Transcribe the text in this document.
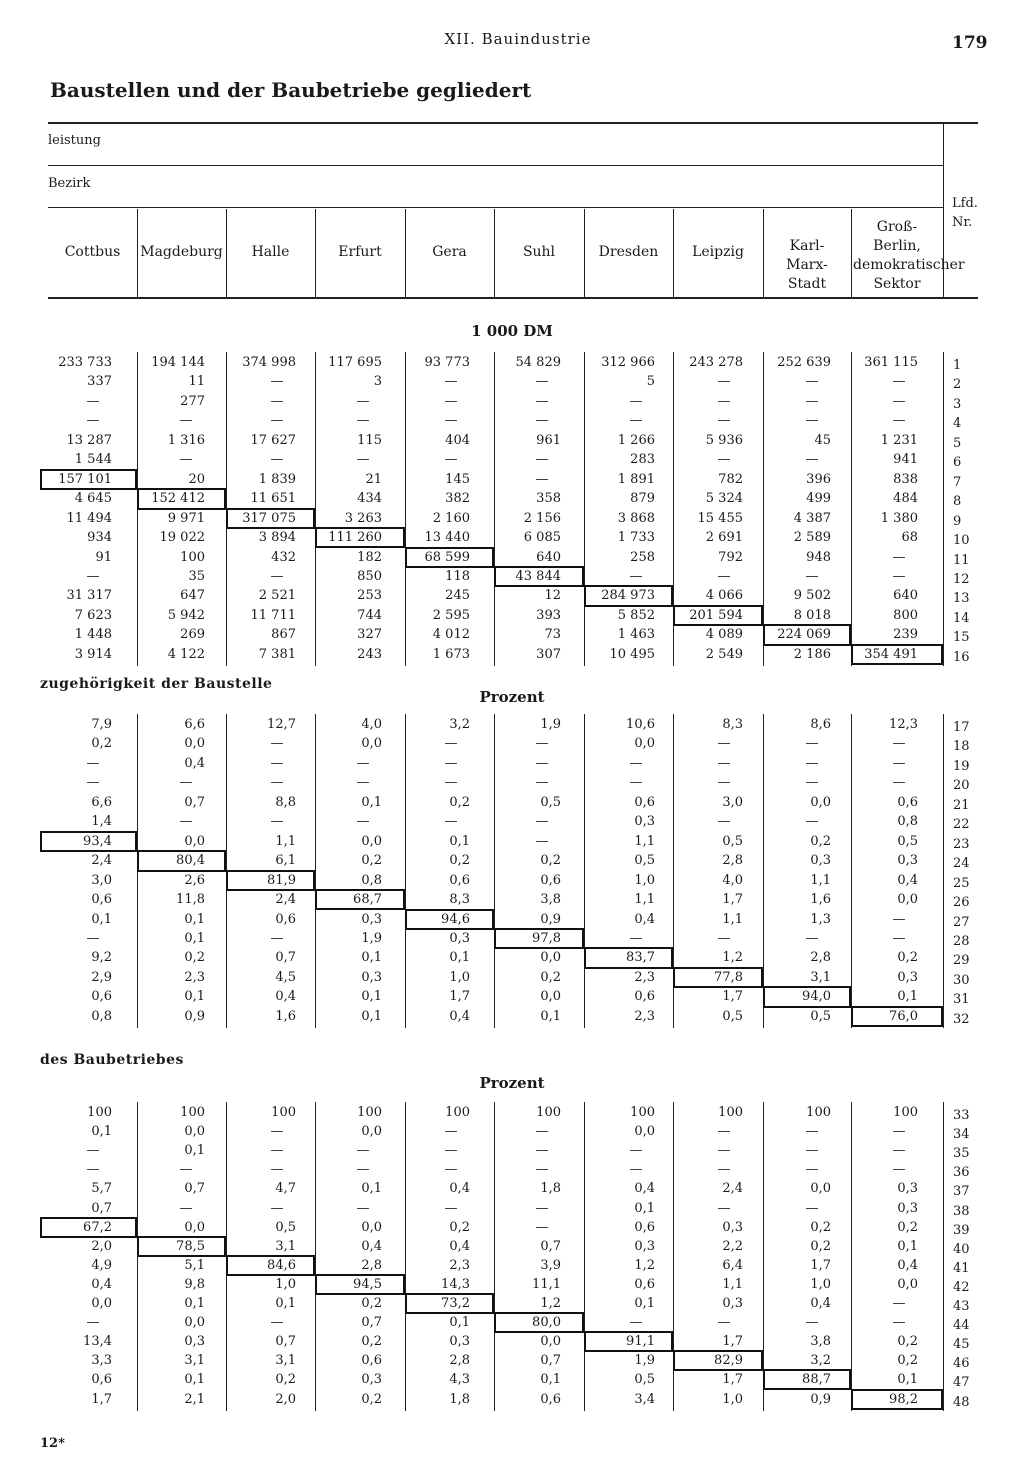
XII. Bauindustrie	179
Baustellen und der Baubetriebe gegliedert
leistung
Bezirk
Lfd. Nr.
Cottbus	Magdeburg	Halle	Erfurt	Gera	Suhl	Dresden	Leipzig	Karl-Marx-Stadt
Groß-Berlin, demokratischer Sektor
1 000 DM
233 733	194 144	374 998	117 695	93 773	54 829	312 966	243 278	252 639	361 115	1
337	11	—	3	—	—	5	—	—	—	2
—	277	—	—	—	—	—	—	—	—	3
—	—	—	—	—	—	—	—	—	—	4
13 287	1 316	17 627	115	404	961	1 266	5 936	45	1 231	5
1 544	—	—	—	—	—	283	—	—	941	6
157 101	20	1 839	21	145	—	1 891	782	396	838	7
4 645	152 412	11 651	434	382	358	879	5 324	499	484	8
11 494	9 971	317 075	3 263	2 160	2 156	3 868	15 455	4 387	1 380	9
934	19 022	3 894	111 260	13 440	6 085	1 733	2 691	2 589	68	10
91	100	432	182	68 599	640	258	792	948	—	11
—	35	—	850	118	43 844	—	—	—	—	12
31 317	647	2 521	253	245	12	284 973	4 066	9 502	640	13
7 623	5 942	11 711	744	2 595	393	5 852	201 594	8 018	800	14
1 448	269	867	327	4 012	73	1 463	4 089	224 069	239	15
3 914	4 122	7 381	243	1 673	307	10 495	2 549	2 186	354 491	16
Prozent
zugehörigkeit der Baustelle
7,9	6,6	12,7	4,0	3,2	1,9	10,6	8,3	8,6	12,3	17
0,2	0,0	—	0,0	—	—	0,0	—	—	—	18
—	0,4	—	—	—	—	—	—	—	—	19
—	—	—	—	—	—	—	—	—	—	20
6,6	0,7	8,8	0,1	0,2	0,5	0,6	3,0	0,0	0,6	21
1,4	—	—	—	—	—	0,3	—	—	0,8	22
93,4	0,0	1,1	0,0	0,1	—	1,1	0,5	0,2	0,5	23
2,4	80,4	6,1	0,2	0,2	0,2	0,5	2,8	0,3	0,3	24
3,0	2,6	81,9	0,8	0,6	0,6	1,0	4,0	1,1	0,4	25
0,6	11,8	2,4	68,7	8,3	3,8	1,1	1,7	1,6	0,0	26
0,1	0,1	0,6	0,3	94,6	0,9	0,4	1,1	1,3	—	27
—	0,1	—	1,9	0,3	97,8	—	—	—	—	28
9,2	0,2	0,7	0,1	0,1	0,0	83,7	1,2	2,8	0,2	29
2,9	2,3	4,5	0,3	1,0	0,2	2,3	77,8	3,1	0,3	30
0,6	0,1	0,4	0,1	1,7	0,0	0,6	1,7	94,0	0,1	31
0,8	0,9	1,6	0,1	0,4	0,1	2,3	0,5	0,5	76,0	32
Prozent
des Baubetriebes
100	100	100	100	100	100	100	100	100	100	33
0,1	0,0	—	0,0	—	—	0,0	—	—	—	34
—	0,1	—	—	—	—	—	—	—	—	35
—	—	—	—	—	—	—	—	—	—	36
5,7	0,7	4,7	0,1	0,4	1,8	0,4	2,4	0,0	0,3	37
0,7	—	—	—	—	—	0,1	—	—	0,3	38
67,2	0,0	0,5	0,0	0,2	—	0,6	0,3	0,2	0,2	39
2,0	78,5	3,1	0,4	0,4	0,7	0,3	2,2	0,2	0,1	40
4,9	5,1	84,6	2,8	2,3	3,9	1,2	6,4	1,7	0,4	41
0,4	9,8	1,0	94,5	14,3	11,1	0,6	1,1	1,0	0,0	42
0,0	0,1	0,1	0,2	73,2	1,2	0,1	0,3	0,4	—	43
—	0,0	—	0,7	0,1	80,0	—	—	—	—	44
13,4	0,3	0,7	0,2	0,3	0,0	91,1	1,7	3,8	0,2	45
3,3	3,1	3,1	0,6	2,8	0,7	1,9	82,9	3,2	0,2	46
0,6	0,1	0,2	0,3	4,3	0,1	0,5	1,7	88,7	0,1	47
1,7	2,1	2,0	0,2	1,8	0,6	3,4	1,0	0,9	98,2	48
12*
